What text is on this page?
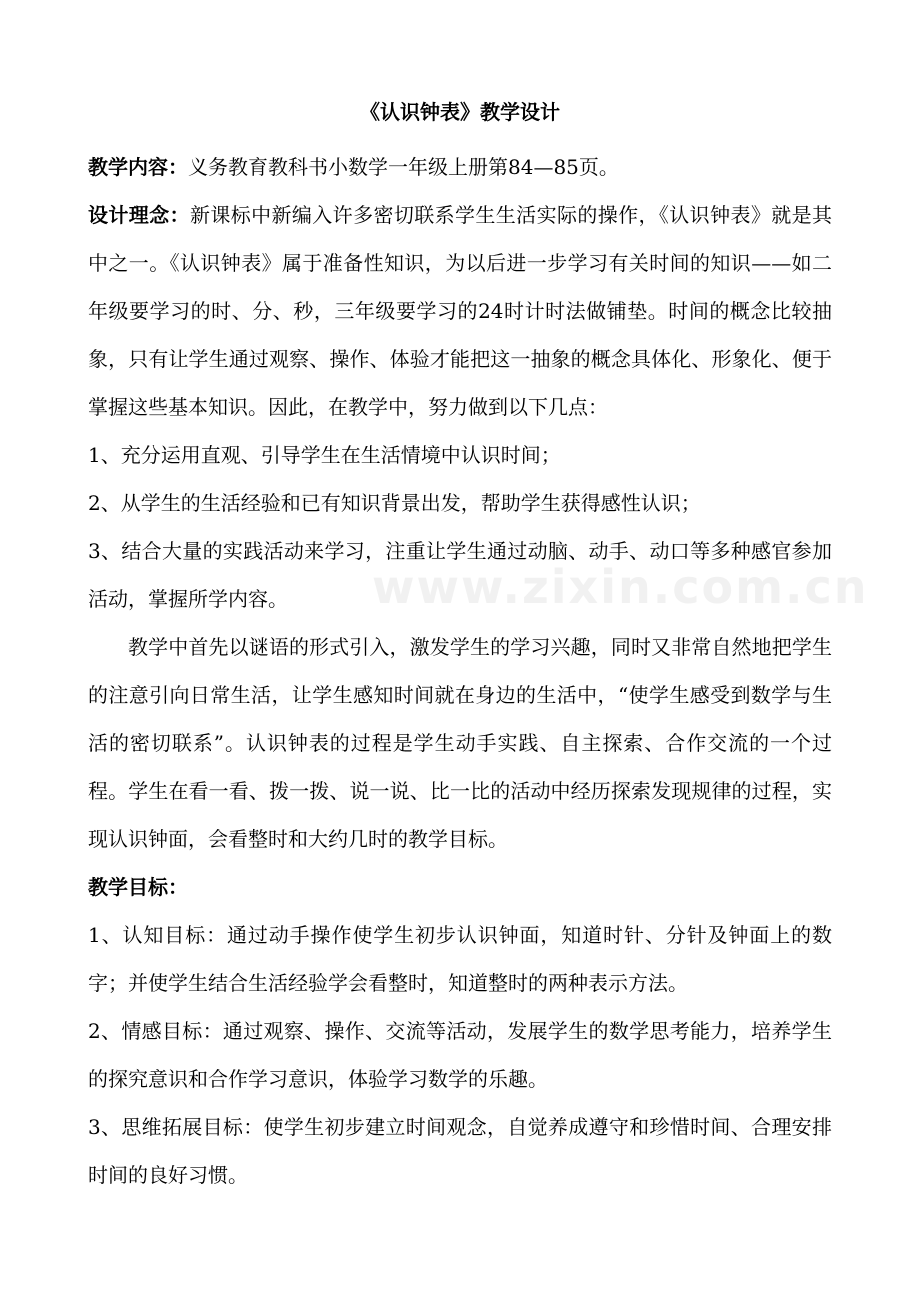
《认识钟表》教学设计

教学内容：义务教育教科书小数学一年级上册第84—85页。

设计理念：新课标中新编入许多密切联系学生生活实际的操作，《认识钟表》就是其中之一。《认识钟表》属于准备性知识，为以后进一步学习有关时间的知识——如二年级要学习的时、分、秒，三年级要学习的24时计时法做铺垫。时间的概念比较抽象，只有让学生通过观察、操作、体验才能把这一抽象的概念具体化、形象化、便于掌握这些基本知识。因此，在教学中，努力做到以下几点：

1、充分运用直观、引导学生在生活情境中认识时间；

2、从学生的生活经验和已有知识背景出发，帮助学生获得感性认识；

3、结合大量的实践活动来学习，注重让学生通过动脑、动手、动口等多种感官参加活动，掌握所学内容。

教学中首先以谜语的形式引入，激发学生的学习兴趣，同时又非常自然地把学生的注意引向日常生活，让学生感知时间就在身边的生活中，“使学生感受到数学与生活的密切联系”。认识钟表的过程是学生动手实践、自主探索、合作交流的一个过程。学生在看一看、拨一拨、说一说、比一比的活动中经历探索发现规律的过程，实现认识钟面，会看整时和大约几时的教学目标。

教学目标：

1、认知目标：通过动手操作使学生初步认识钟面，知道时针、分针及钟面上的数字；并使学生结合生活经验学会看整时，知道整时的两种表示方法。

2、情感目标：通过观察、操作、交流等活动，发展学生的数学思考能力，培养学生的探究意识和合作学习意识，体验学习数学的乐趣。

3、思维拓展目标：使学生初步建立时间观念，自觉养成遵守和珍惜时间、合理安排时间的良好习惯。

www.zixin.com.cn
